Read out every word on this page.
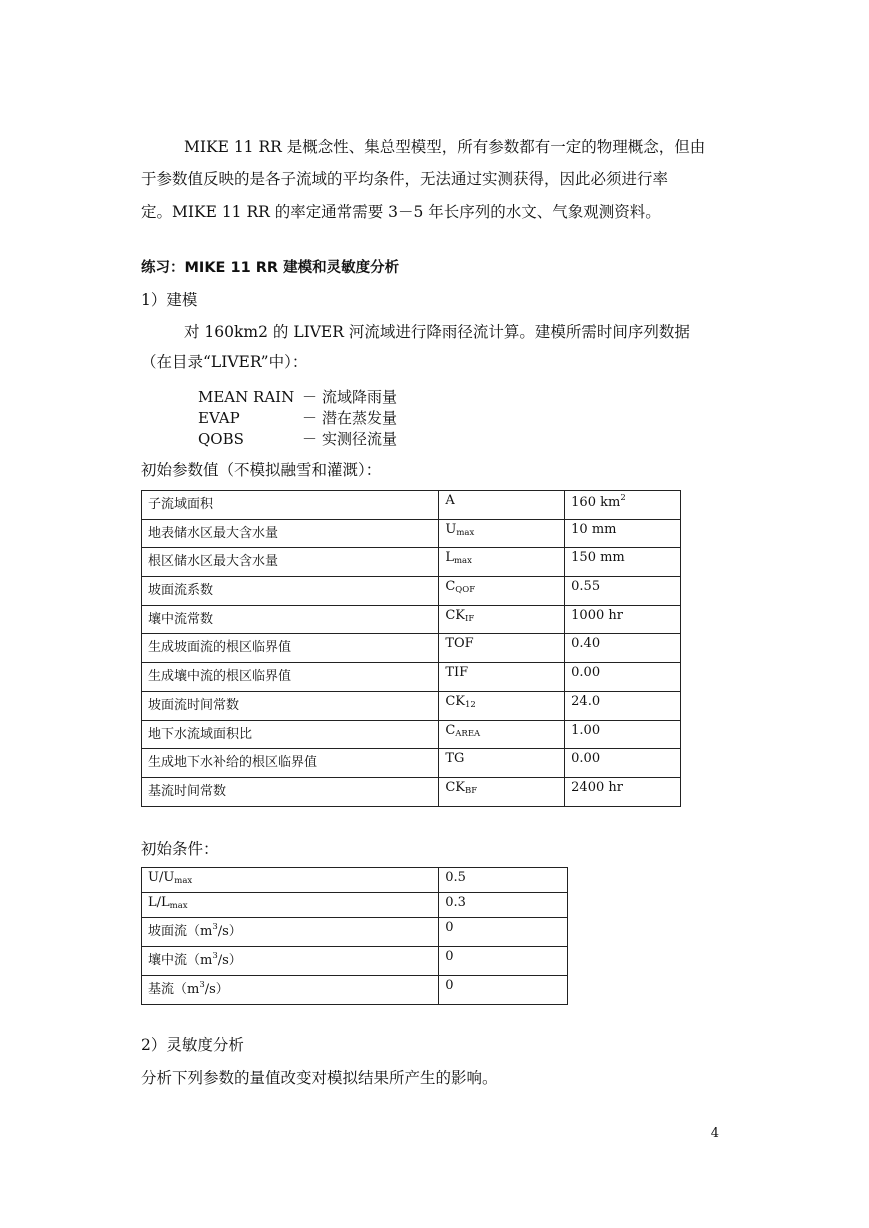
MIKE 11 RR 是概念性、集总型模型，所有参数都有一定的物理概念，但由
于参数值反映的是各子流域的平均条件，无法通过实测获得，因此必须进行率
定。MIKE 11 RR 的率定通常需要 3－5 年长序列的水文、气象观测资料。
练习：MIKE 11 RR 建模和灵敏度分析
1）建模
对 160km2 的 LIVER 河流域进行降雨径流计算。建模所需时间序列数据
（在目录“LIVER”中）：
MEAN RAIN － 流域降雨量
EVAP	－ 潜在蒸发量
QOBS	－ 实测径流量
初始参数值（不模拟融雪和灌溉）：
子流域面积	A	160 $km^2$
地表储水区最大含水量	$U_{max}$	10 mm
根区储水区最大含水量	$L_{max}$	150 mm
坡面流系数	$C_{QOF}$	0.55
壤中流常数	$CK_{IF}$	1000 hr
生成坡面流的根区临界值	TOF	0.40
生成壤中流的根区临界值	TIF	0.00
坡面流时间常数	$CK_{12}$	24.0
地下水流域面积比	$C_{AREA}$	1.00
生成地下水补给的根区临界值	TG	0.00
基流时间常数	$CK_{BF}$	2400 hr
初始条件：
$U/U_{max}$	0.5
$L/L_{max}$	0.3
坡面流$(m^3/s)$	0
壤中流$(m^3/s)$	0
基流$(m^3/s)$	0
2）灵敏度分析
分析下列参数的量值改变对模拟结果所产生的影响。
4
